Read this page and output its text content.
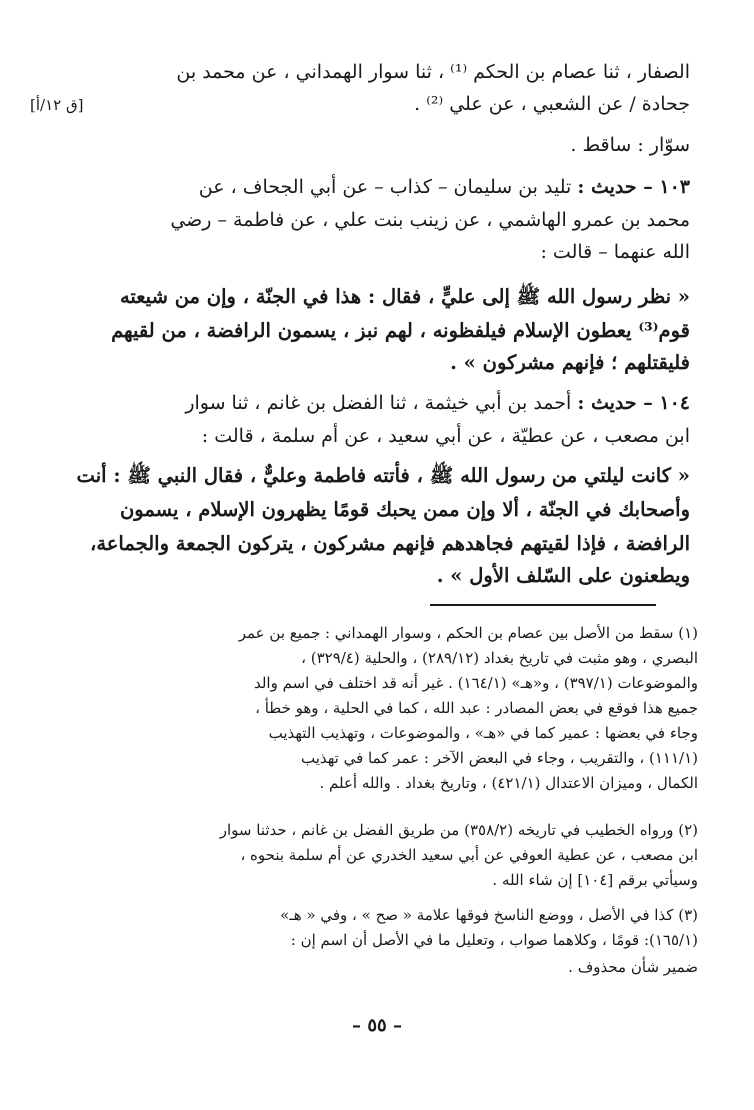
[ق ١٢/أ]
الصفار ، ثنا عصام بن الحكم ⁽¹⁾ ، ثنا سوار الهمداني ، عن محمد بن
جحادة / عن الشعبي ، عن علي ⁽²⁾ .
سوّار : ساقط .
١٠٣ – حديث : تليد بن سليمان – كذاب – عن أبي الجحاف ، عن
محمد بن عمرو الهاشمي ، عن زينب بنت علي ، عن فاطمة – رضي
الله عنهما – قالت :
« نظر رسول الله ﷺ إلى عليٍّ ، فقال : هذا في الجنّة ، وإن من شيعته
قوم⁽³⁾ يعطون الإسلام فيلفظونه ، لهم نبز ، يسمون الرافضة ، من لقيهم
فليقتلهم ؛ فإنهم مشركون » .
١٠٤ – حديث : أحمد بن أبي خيثمة ، ثنا الفضل بن غانم ، ثنا سوار
ابن مصعب ، عن عطيّة ، عن أبي سعيد ، عن أم سلمة ، قالت :
« كانت ليلتي من رسول الله ﷺ ، فأتته فاطمة وعليٌّ ، فقال النبي ﷺ : أنت
وأصحابك في الجنّة ، ألا وإن ممن يحبك قومًا يظهرون الإسلام ، يسمون
الرافضة ، فإذا لقيتهم فجاهدهم فإنهم مشركون ، يتركون الجمعة والجماعة،
ويطعنون على السّلف الأول » .
(١) سقط من الأصل بين عصام بن الحكم ، وسوار الهمداني : جميع بن عمر
البصري ، وهو مثبت في تاريخ بغداد (٢٨٩/١٢) ، والحلية (٣٢٩/٤) ،
والموضوعات (٣٩٧/١) ، و«هـ» (١٦٤/١) . غير أنه قد اختلف في اسم والد
جميع هذا فوقع في بعض المصادر : عبد الله ، كما في الحلية ، وهو خطأ ،
وجاء في بعضها : عمير كما في «هـ» ، والموضوعات ، وتهذيب التهذيب
(١١١/١) ، والتقريب ، وجاء في البعض الآخر : عمر كما في تهذيب
الكمال ، وميزان الاعتدال (٤٢١/١) ، وتاريخ بغداد . والله أعلم .
(٢) ورواه الخطيب في تاريخه (٣٥٨/٢) من طريق الفضل بن غانم ، حدثنا سوار
ابن مصعب ، عن عطية العوفي عن أبي سعيد الخدري عن أم سلمة بنحوه ،
وسيأتي برقم [١٠٤] إن شاء الله .
(٣) كذا في الأصل ، ووضع الناسخ فوقها علامة « صح » ، وفي « هـ»
(١٦٥/١): قومًا ، وكلاهما صواب ، وتعليل ما في الأصل أن اسم إن :
ضمير شأن محذوف .
– ٥٥ –
